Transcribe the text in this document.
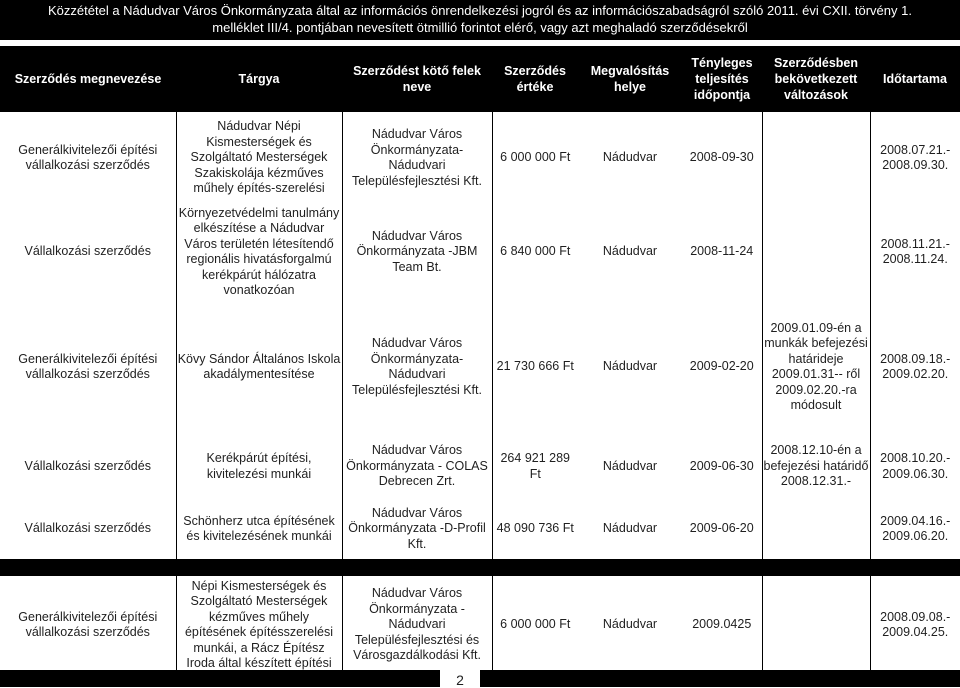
Közzététel a Nádudvar Város Önkormányzata által az információs önrendelkezési jogról és az információszabadságról szóló 2011. évi CXII. törvény 1.
melléklet III/4. pontjában nevesített ötmillió forintot elérő, vagy azt meghaladó szerződésekről
Szerződés megnevezése	Tárgya	Szerződést kötő felek neve	Szerződés értéke	Megvalósítás helye	Tényleges teljesítés időpontja	Szerződésben bekövetkezett változások	Időtartama
Generálkivitelezői építési vállalkozási szerződés	Nádudvar Népi Kismesterségek és Szolgáltató Mesterségek Szakiskolája kézműves műhely építés-szerelési	Nádudvar Város Önkormányzata- Nádudvari Településfejlesztési Kft.	6 000 000 Ft	Nádudvar	2008-09-30		2008.07.21.- 2008.09.30.
Vállalkozási szerződés	Környezetvédelmi tanulmány elkészítése a Nádudvar Város területén létesítendő regionális hivatásforgalmú kerékpárút hálózatra vonatkozóan	Nádudvar Város Önkormányzata -JBM Team Bt.	6 840 000 Ft	Nádudvar	2008-11-24		2008.11.21.- 2008.11.24.
Generálkivitelezői építési vállalkozási szerződés	Kövy Sándor Általános Iskola akadálymentesítése	Nádudvar Város Önkormányzata- Nádudvari Településfejlesztési Kft.	21 730 666 Ft	Nádudvar	2009-02-20	2009.01.09-én a munkák befejezési határideje 2009.01.31-- ről 2009.02.20.-ra módosult	2008.09.18.- 2009.02.20.
Vállalkozási szerződés	Kerékpárút építési, kivitelezési munkái	Nádudvar Város Önkormányzata - COLAS Debrecen Zrt.	264 921 289 Ft	Nádudvar	2009-06-30	2008.12.10-én a befejezési határidő 2008.12.31.-	2008.10.20.- 2009.06.30.
Vállalkozási szerződés	Schönherz utca építésének és kivitelezésének munkái	Nádudvar Város Önkormányzata -D-Profil Kft.	48 090 736 Ft	Nádudvar	2009-06-20		2009.04.16.- 2009.06.20.

Generálkivitelezői építési vállalkozási szerződés	Népi Kismesterségek és Szolgáltató Mesterségek kézműves műhely építésének építésszerelési munkái, a Rácz Építész Iroda által készített építési	Nádudvar Város Önkormányzata - Nádudvari Településfejlesztési és Városgazdálkodási Kft.	6 000 000 Ft	Nádudvar	2009.0425		2008.09.08.- 2009.04.25.
2
